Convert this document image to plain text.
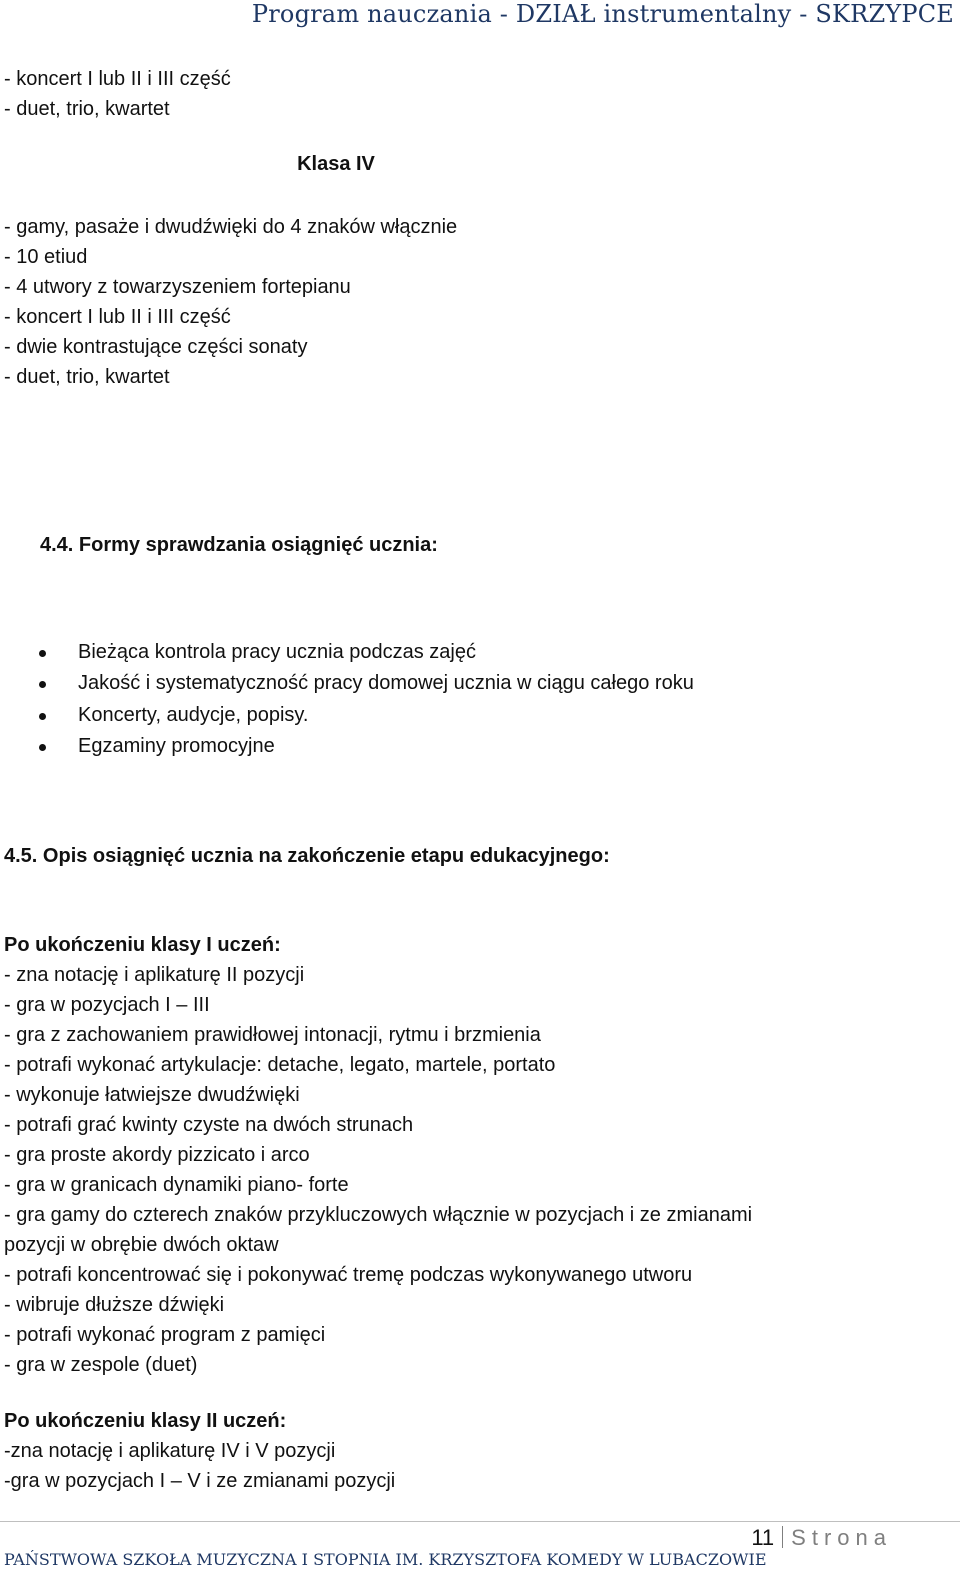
Program nauczania - DZIAŁ instrumentalny - SKRZYPCE
- koncert I lub II i III część
- duet, trio, kwartet
Klasa IV
- gamy, pasaże i dwudźwięki do 4 znaków włącznie
- 10 etiud
- 4 utwory z towarzyszeniem fortepianu
- koncert I lub II i III część
- dwie kontrastujące części sonaty
- duet, trio, kwartet
4.4. Formy sprawdzania osiągnięć ucznia:
Bieżąca kontrola pracy ucznia podczas zajęć
Jakość i systematyczność pracy domowej ucznia w ciągu całego roku
Koncerty, audycje, popisy.
Egzaminy promocyjne
4.5. Opis osiągnięć ucznia na zakończenie etapu edukacyjnego:
Po ukończeniu klasy I uczeń:
- zna notację i aplikaturę II pozycji
- gra w pozycjach I – III
- gra z zachowaniem prawidłowej intonacji, rytmu i brzmienia
- potrafi wykonać artykulacje: detache, legato, martele, portato
- wykonuje łatwiejsze dwudźwięki
- potrafi grać kwinty czyste na dwóch strunach
- gra proste akordy pizzicato i arco
- gra w granicach dynamiki piano- forte
- gra gamy do czterech znaków przykluczowych włącznie w pozycjach i ze zmianami
pozycji w obrębie dwóch oktaw
- potrafi koncentrować się i pokonywać tremę podczas wykonywanego utworu
- wibruje dłuższe dźwięki
- potrafi wykonać program z pamięci
- gra w zespole (duet)
Po ukończeniu klasy II uczeń:
-zna notację i aplikaturę IV i V pozycji
-gra w pozycjach I – V i ze zmianami pozycji
11 Strona
PAŃSTWOWA SZKOŁA MUZYCZNA I STOPNIA IM. KRZYSZTOFA KOMEDY W LUBACZOWIE
